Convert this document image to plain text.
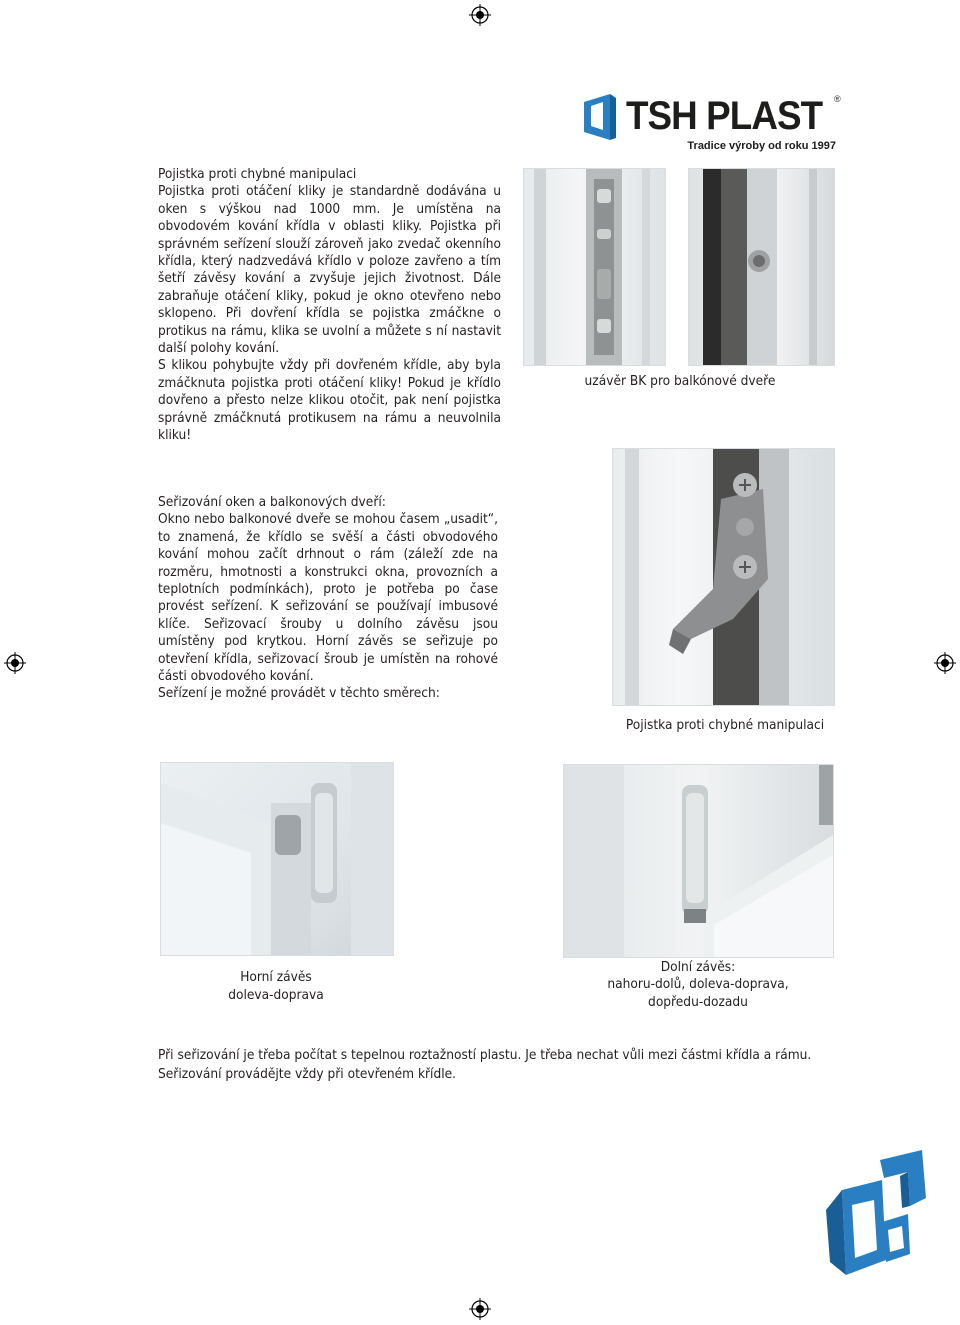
TSH PLAST ®
Tradice výroby od roku 1997

Pojistka proti chybné manipulaci

Pojistka proti otáčení kliky je standardně dodávána u oken s výškou nad 1000 mm. Je umístěna na obvodovém kování křídla v oblasti kliky. Pojistka při správném seřízení slouží zároveň jako zvedač okenního křídla, který nadzvedává křídlo v poloze zavřeno a tím šetří závěsy kování a zvyšuje jejich životnost. Dále zabraňuje otáčení kliky, pokud je okno otevřeno nebo sklopeno. Při dovření křídla se pojistka zmáčkne o protikus na rámu, klika se uvolní a můžete s ní nastavit další polohy kování.

S klikou pohybujte vždy při dovřeném křídle, aby byla zmáčknuta pojistka proti otáčení kliky! Pokud je křídlo dovřeno a přesto nelze klikou otočit, pak není pojistka správně zmáčknutá protikusem na rámu a neuvolnila kliku!

uzávěr BK pro balkónové dveře
Pojistka proti chybné manipulaci

Seřizování oken a balkonových dveří:

Okno nebo balkonové dveře se mohou časem „usadit“, to znamená, že křídlo se svěší a části obvodového kování mohou začít drhnout o rám (záleží zde na rozměru, hmotnosti a konstrukci okna, provozních a teplotních podmínkách), proto je potřeba po čase provést seřízení. K seřizování se používají imbusové klíče. Seřizovací šrouby u dolního závěsu jsou umístěny pod krytkou. Horní závěs se seřizuje po otevření křídla, seřizovací šroub je umístěn na rohové části obvodového kování.

Seřízení je možné provádět v těchto směrech:

Horní závěs
doleva-doprava
Dolní závěs:
nahoru-dolů, doleva-doprava,
dopředu-dozadu
Při seřizování je třeba počítat s tepelnou roztažností plastu. Je třeba nechat vůli mezi částmi křídla a rámu.
Seřizování provádějte vždy při otevřeném křídle.
